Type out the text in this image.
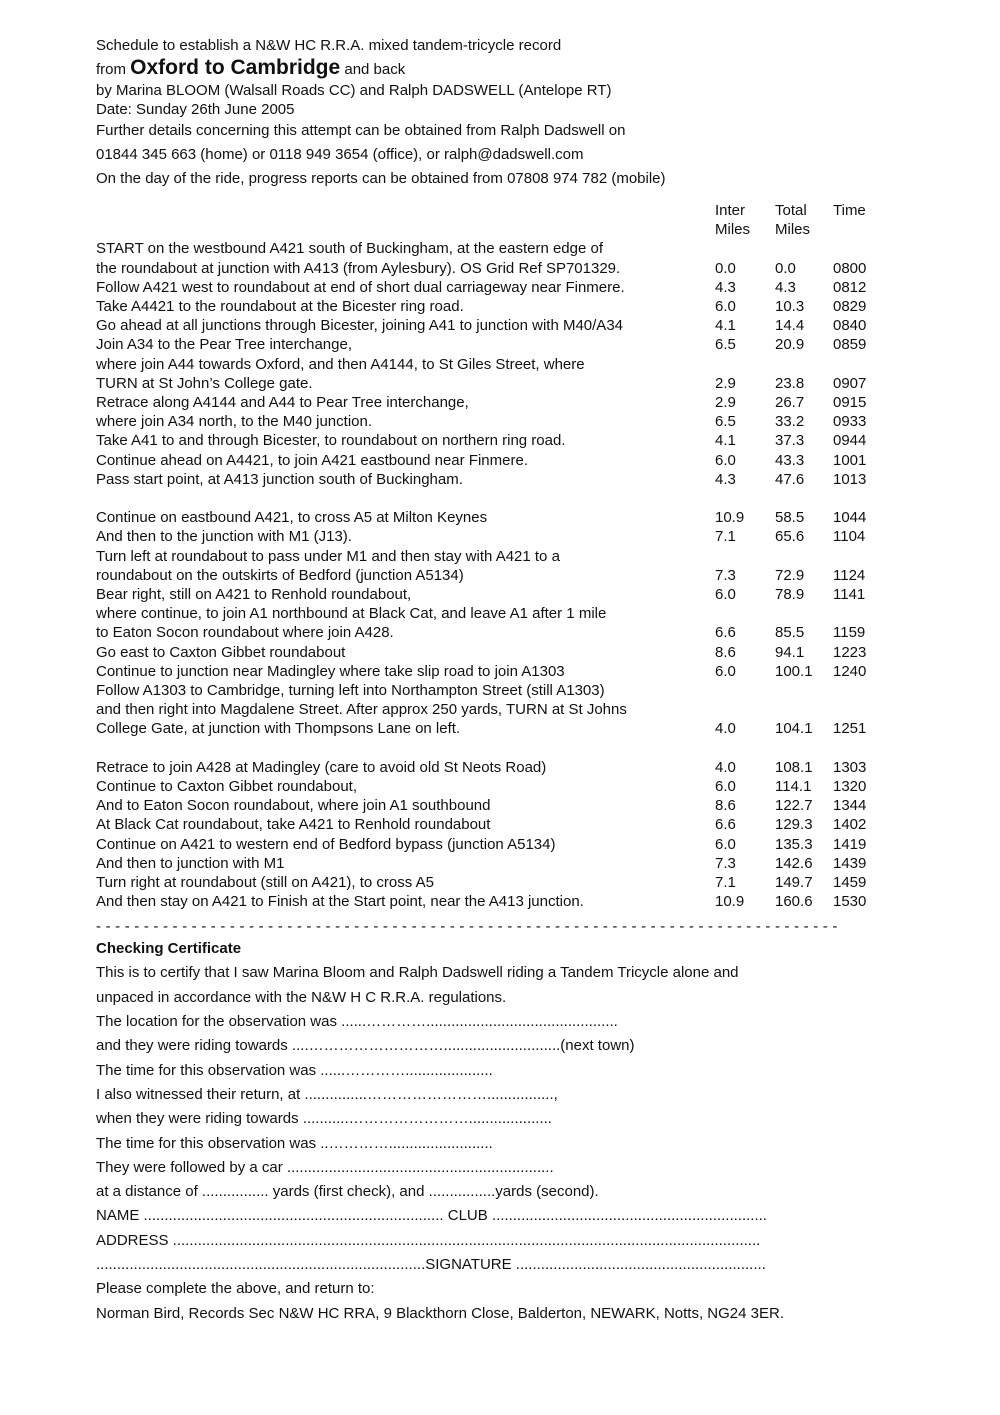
Schedule to establish a N&W HC R.R.A. mixed tandem-tricycle record
from Oxford to Cambridge and back
by Marina BLOOM (Walsall Roads CC) and Ralph DADSWELL (Antelope RT)
Date: Sunday 26th June 2005
Further details concerning this attempt can be obtained from Ralph Dadswell on
01844 345 663 (home) or 0118 949 3654 (office), or ralph@dadswell.com
On the day of the ride, progress reports can be obtained from 07808 974 782 (mobile)
	Inter	Total	Time
	Miles	Miles	
START on the westbound A421 south of Buckingham, at the eastern edge of			
the roundabout at junction with A413 (from Aylesbury). OS Grid Ref SP701329.	0.0	0.0	0800
Follow A421 west to roundabout at end of short dual carriageway near Finmere.	4.3	4.3	0812
Take A4421 to the roundabout at the Bicester ring road.	6.0	10.3	0829
Go ahead at all junctions through Bicester, joining A41 to junction with M40/A34	4.1	14.4	0840
Join A34 to the Pear Tree interchange,	6.5	20.9	0859
where join A44 towards Oxford, and then A4144, to St Giles Street, where			
TURN at St John’s College gate.	2.9	23.8	0907
Retrace along A4144 and A44 to Pear Tree interchange,	2.9	26.7	0915
where join A34 north, to the M40 junction.	6.5	33.2	0933
Take A41 to and through Bicester, to roundabout on northern ring road.	4.1	37.3	0944
Continue ahead on A4421, to join A421 eastbound near Finmere.	6.0	43.3	1001
Pass start point, at A413 junction south of Buckingham.	4.3	47.6	1013

Continue on eastbound A421, to cross A5 at Milton Keynes	10.9	58.5	1044
And then to the junction with M1 (J13).	7.1	65.6	1104
Turn left at roundabout to pass under M1 and then stay with A421 to a			
roundabout on the outskirts of Bedford (junction A5134)	7.3	72.9	1124
Bear right, still on A421 to Renhold roundabout,	6.0	78.9	1141
where continue, to join A1 northbound at Black Cat, and leave A1 after 1 mile			
to Eaton Socon roundabout where join A428.	6.6	85.5	1159
Go east to Caxton Gibbet roundabout	8.6	94.1	1223
Continue to junction near Madingley where take slip road to join A1303	6.0	100.1	1240
Follow A1303 to Cambridge, turning left into Northampton Street (still A1303)			
and then right into Magdalene Street. After approx 250 yards, TURN at St Johns			
College Gate, at junction with Thompsons Lane on left.	4.0	104.1	1251

Retrace to join A428 at Madingley (care to avoid old St Neots Road)	4.0	108.1	1303
Continue to Caxton Gibbet roundabout,	6.0	114.1	1320
And to Eaton Socon roundabout, where join A1 southbound	8.6	122.7	1344
At Black Cat roundabout, take A421 to Renhold roundabout	6.6	129.3	1402
Continue on A421 to western end of Bedford bypass (junction A5134)	6.0	135.3	1419
And then to junction with M1	7.3	142.6	1439
Turn right at roundabout (still on A421), to cross A5	7.1	149.7	1459
And then stay on A421 to Finish at the Start point, near the A413 junction.	10.9	160.6	1530
- - - - - - - - - - - - - - - - - - - - - - - - - - - - - - - - - - - - - - - - - - - - - - - - - - - - - - - - - - - - - - - - - - - - - - - - - - - - - -
Checking Certificate
This is to certify that I saw Marina Bloom and Ralph Dadswell riding a Tandem Tricycle alone and
unpaced in accordance with the N&W H C R.R.A. regulations.
The location for the observation was ......…………..............................................
and they were riding towards ....………………………............................(next town)
The time for this observation was ......………….....................
I also witnessed their return, at ...............……………………................,
when they were riding towards ...........……………………....................
The time for this observation was ..………….........................
They were followed by a car ................................................................
at a distance of ................ yards (first check), and ................yards (second).
NAME ........................................................................ CLUB ..................................................................
ADDRESS .............................................................................................................................................
...............................................................................SIGNATURE ............................................................
Please complete the above, and return to:
Norman Bird, Records Sec N&W HC RRA, 9 Blackthorn Close, Balderton, NEWARK, Notts, NG24 3ER.
